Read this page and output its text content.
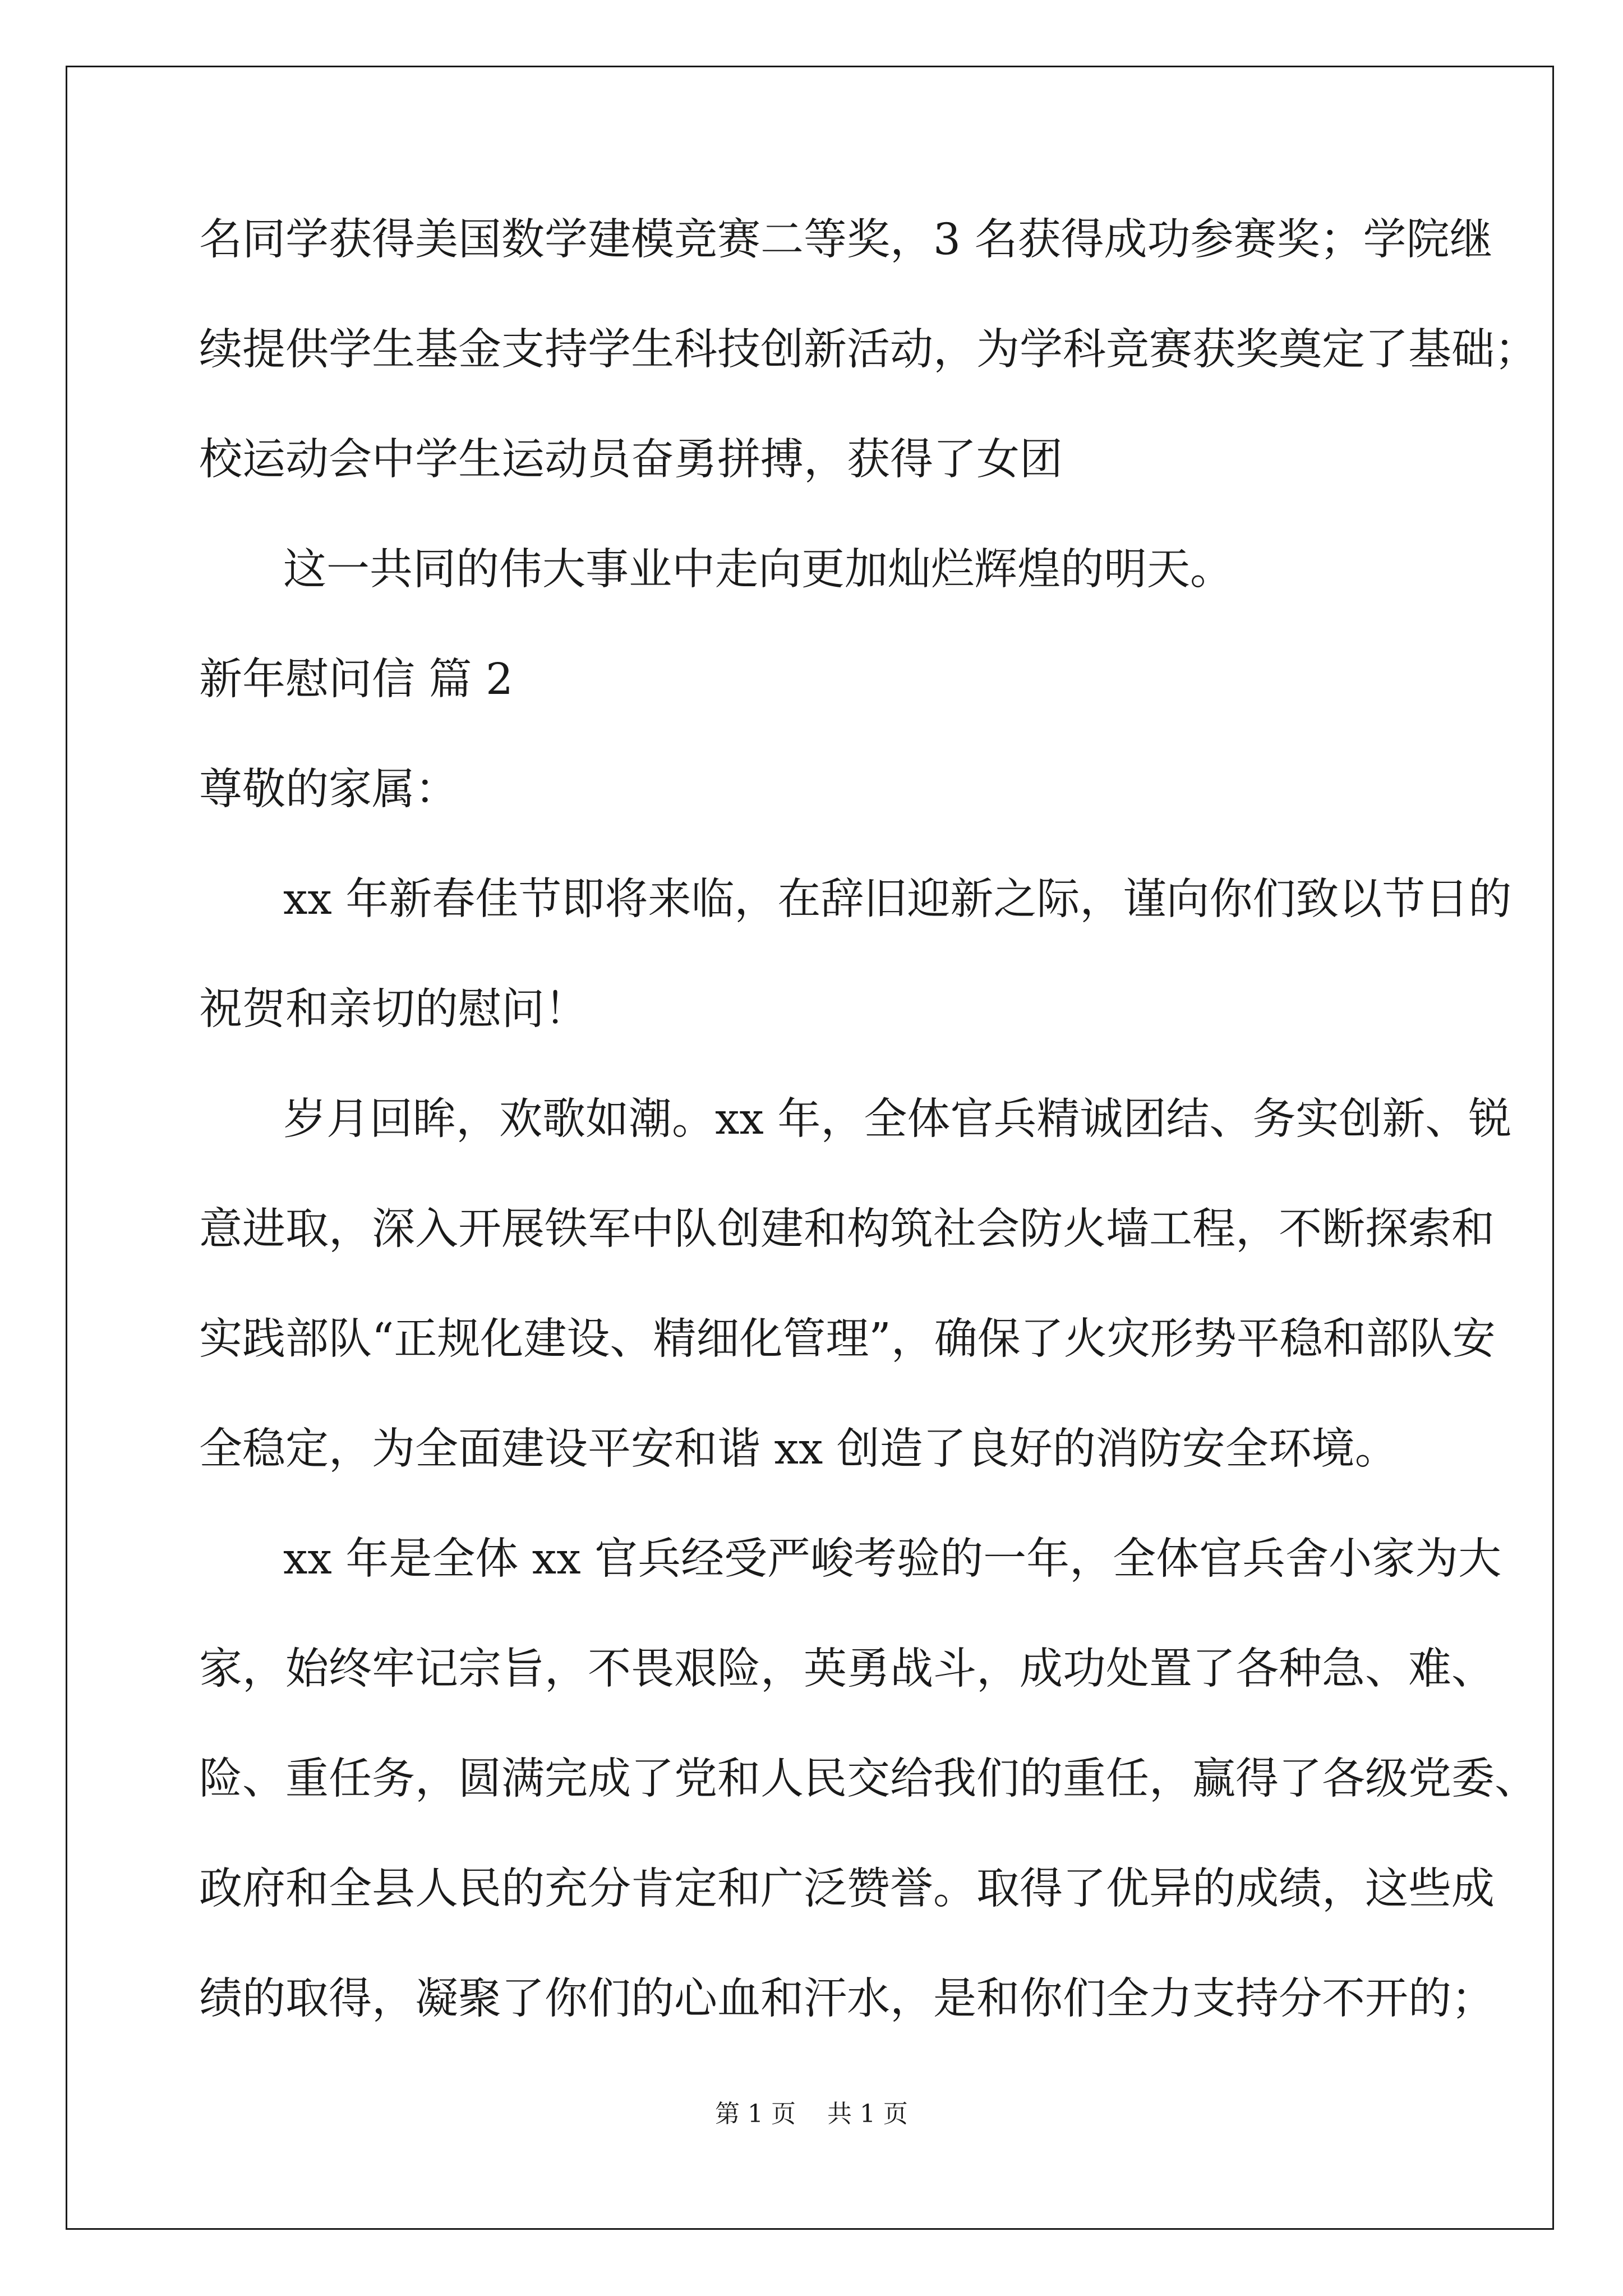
名同学获得美国数学建模竞赛二等奖，3 名获得成功参赛奖；学院继
续提供学生基金支持学生科技创新活动，为学科竞赛获奖奠定了基础；
校运动会中学生运动员奋勇拼搏，获得了女团
这一共同的伟大事业中走向更加灿烂辉煌的明天。
新年慰问信 篇 2
尊敬的家属：
xx 年新春佳节即将来临，在辞旧迎新之际，谨向你们致以节日的
祝贺和亲切的慰问！
岁月回眸，欢歌如潮。xx 年，全体官兵精诚团结、务实创新、锐
意进取，深入开展铁军中队创建和构筑社会防火墙工程，不断探索和
实践部队“正规化建设、精细化管理”，确保了火灾形势平稳和部队安
全稳定，为全面建设平安和谐 xx 创造了良好的消防安全环境。
xx 年是全体 xx 官兵经受严峻考验的一年，全体官兵舍小家为大
家，始终牢记宗旨，不畏艰险，英勇战斗，成功处置了各种急、难、
险、重任务，圆满完成了党和人民交给我们的重任，赢得了各级党委、
政府和全县人民的充分肯定和广泛赞誉。取得了优异的成绩，这些成
绩的取得，凝聚了你们的心血和汗水，是和你们全力支持分不开的；
第 1 页    共 1 页
